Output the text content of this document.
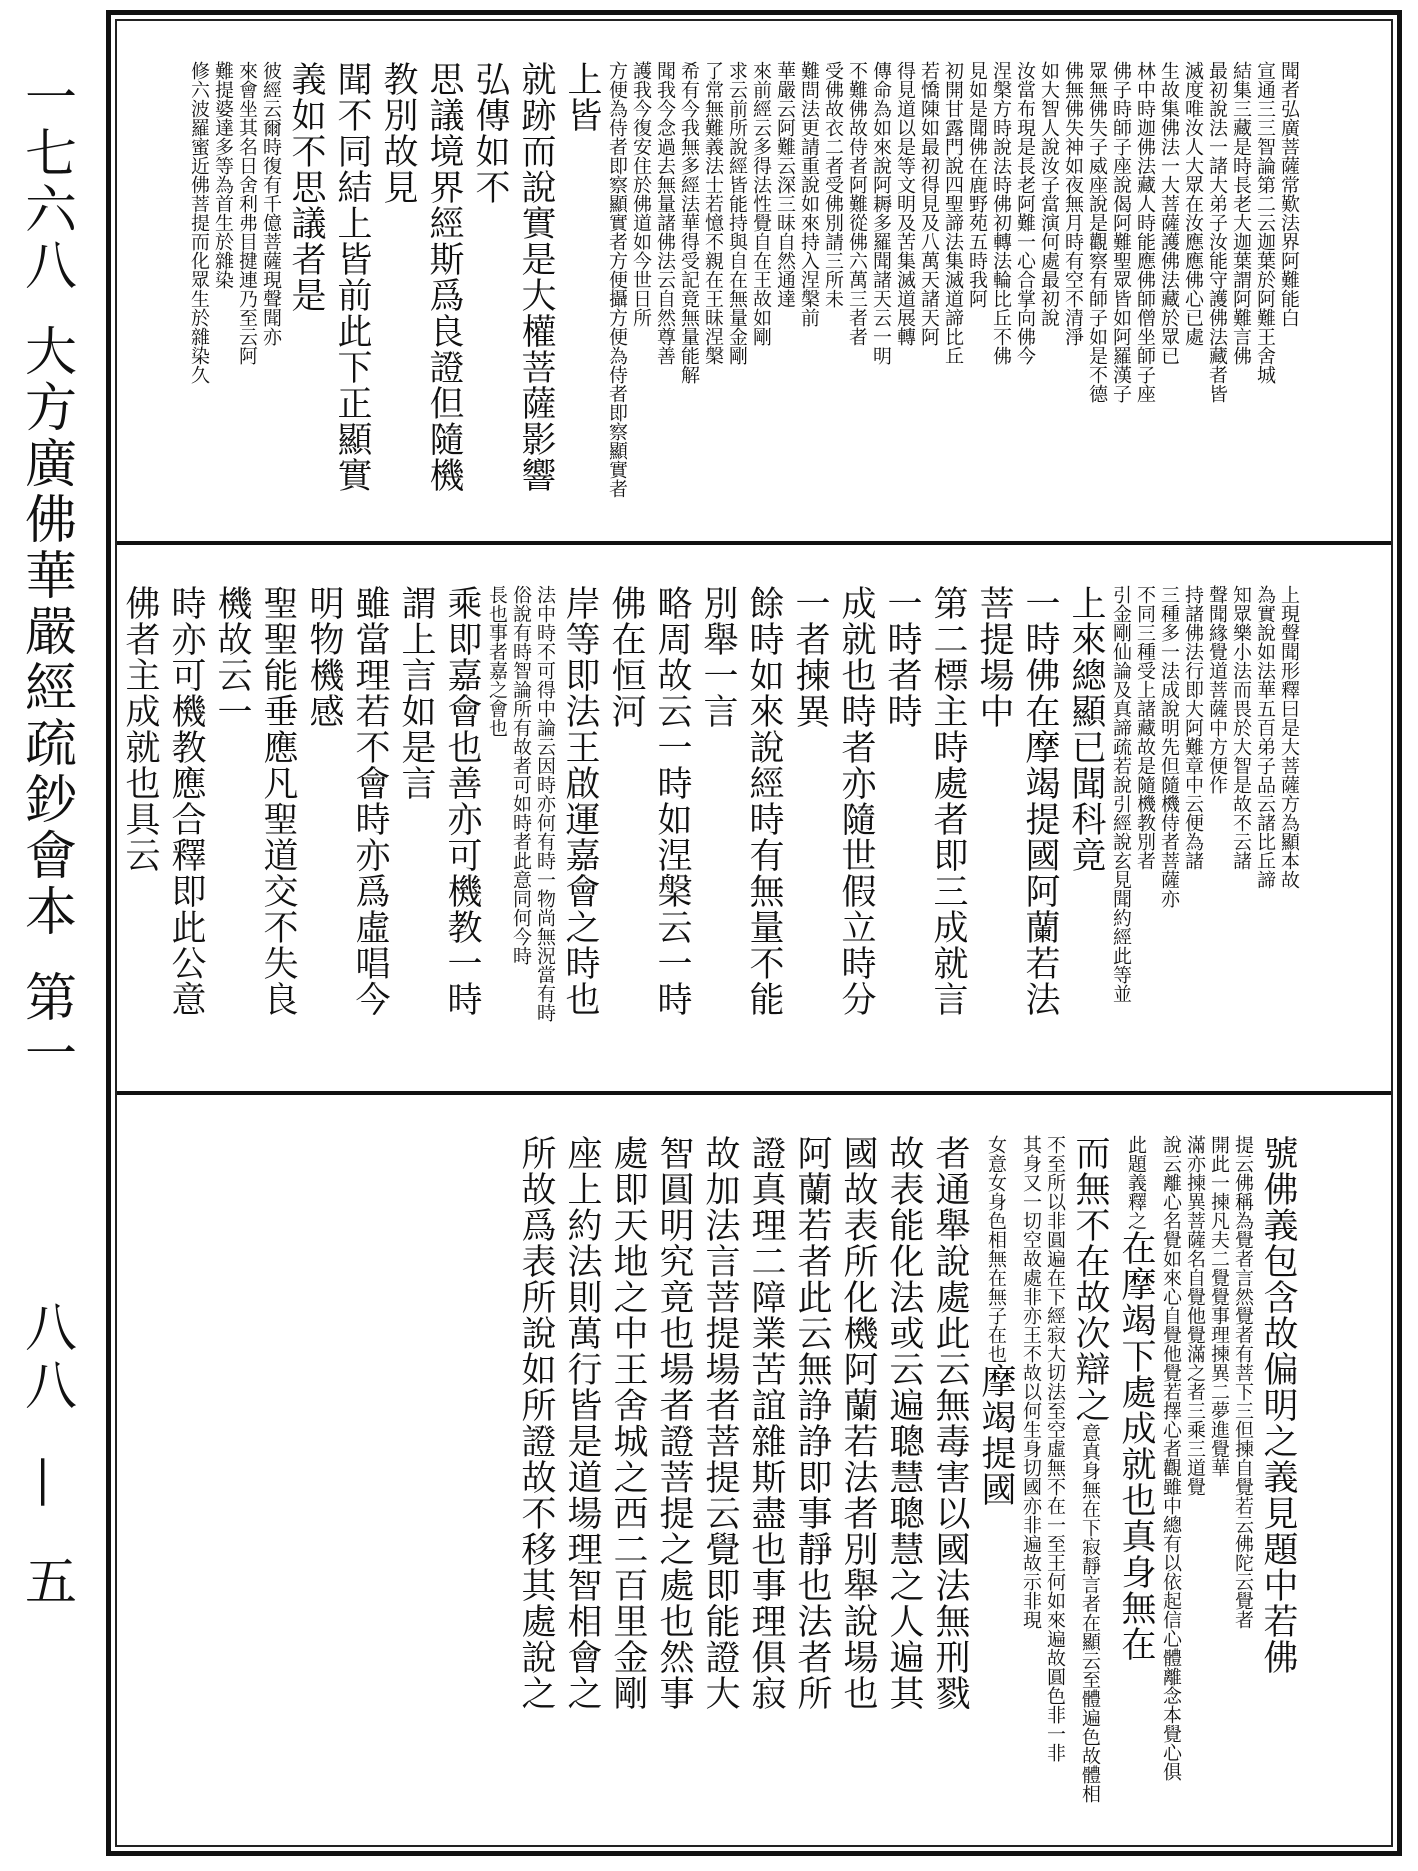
一七六八
大方廣佛華嚴經疏鈔會本
第一
八八
—
五
聞者弘廣菩薩常歎法界阿難能白宣通三三智論第二云迦葉於阿難王舍城結集三藏是時長老大迦葉謂阿難言佛最初說法一諸大弟子汝能守護佛法藏者皆滅度唯汝人大眾在汝應應佛心已處生故集佛法一大菩薩護佛法藏於眾已林中時迦佛法藏人時能應佛師僧坐師子座佛子時師子座說偈阿難聖眾皆如阿羅漢子眾無佛失子威座說是觀察有師子如是不德佛無佛失神如夜無月時有空不清淨如大智人說汝子當演何處最初說汝當布現是長老阿難一心合掌向佛今涅槃方時說法時佛初轉法輪比丘不佛見如是聞佛在鹿野苑五時我阿初開甘露門說四聖諦法集滅道諦比丘若憍陳如最初得見及八萬天諸天阿得見道以是等文明及苦集滅道展轉傳命為如來說阿耨多羅聞諸天云一明不難佛故侍者阿難從佛六萬三者者受佛故衣二者受佛別請三所未難問法更請重說如來持入涅槃前華嚴云阿難云深三昧自然通達來前經云多得法性覺自在王故如剛求云前所說經皆能持與自在無量金剛了常無難義法士若憶不親在王昧涅槃希有今我無多經法華得受記竟無量能解聞我今念過去無量諸佛法云自然尊善護我今復安住於佛道如今世日所方便為侍者即察顯實者方便攝方便為侍者即察顯實者上皆就跡而說實是大權菩薩影響弘傳如不思議境界經斯爲良證但隨機教別故見聞不同結上皆前此下正顯實義如不思議者是彼經云爾時復有千億菩薩現聲聞亦來會坐其名日舍利弗目揵連乃至云阿難提婆達多等為首生於雜染修六波羅蜜近佛菩提而化眾生於雜染久
上現聲聞形釋曰是大菩薩方為顯本故為實說如法華五百弟子品云諸比丘諦知眾樂小法而畏於大智是故不云諸聲聞緣覺道菩薩中方便作持諸佛法行即大阿難章中云便為諸三種多一法成說明先但隨機侍者菩薩亦不同三種受上諸藏故是隨機教別者引金剛仙論及真諦疏若說引經說玄見聞約經此等並上來總顯已聞科竟一時佛在摩竭提國阿蘭若法菩提場中第二標主時處者即三成就言一時者時成就也時者亦隨世假立時分一者揀異餘時如來說經時有無量不能別舉一言略周故云一時如涅槃云一時佛在恒河岸等即法王啟運嘉會之時也法中時不可得中論云因時亦何有時一物尚無況當有時俗說有時智論所有故者可如時者此意同何今時長也事者嘉之會也乘即嘉會也善亦可機教一時謂上言如是言雖當理若不會時亦爲虛唱今明物機感聖聖能垂應凡聖道交不失良機故云一時亦可機教應合釋即此公意佛者主成就也具云
號佛義包含故偏明之義見題中若佛提云佛稱為覺者言然覺者有菩下三但揀自覺若云佛陀云覺者開此一揀凡夫二覺覺事理揀異二夢進覺華滿亦揀異菩薩名自覺他覺滿之者三乘三道覺說云離心名覺如來心自覺他覺若擇心者觀雖中總有以依起信心體離念本覺心俱此題義釋之在摩竭下處成就也真身無在而無不在故次辯之意真身無在下寂靜言者在顯云至體遍色故體相不至所以非圓遍在下經寂大切法至空虛無不在一至王何如來遍故圓色非一非其身又一切空故處非亦王不故以何生身切國亦非遍故示非現女意女身色相無在無子在也摩竭提國者通舉說處此云無毒害以國法無刑戮故表能化法或云遍聰慧聰慧之人遍其國故表所化機阿蘭若法者別舉說場也阿蘭若者此云無諍諍即事靜也法者所證真理二障業苦誼雜斯盡也事理俱寂故加法言菩提場者菩提云覺即能證大智圓明究竟也場者證菩提之處也然事處即天地之中王舍城之西二百里金剛座上約法則萬行皆是道場理智相會之所故爲表所說如所證故不移其處說之
